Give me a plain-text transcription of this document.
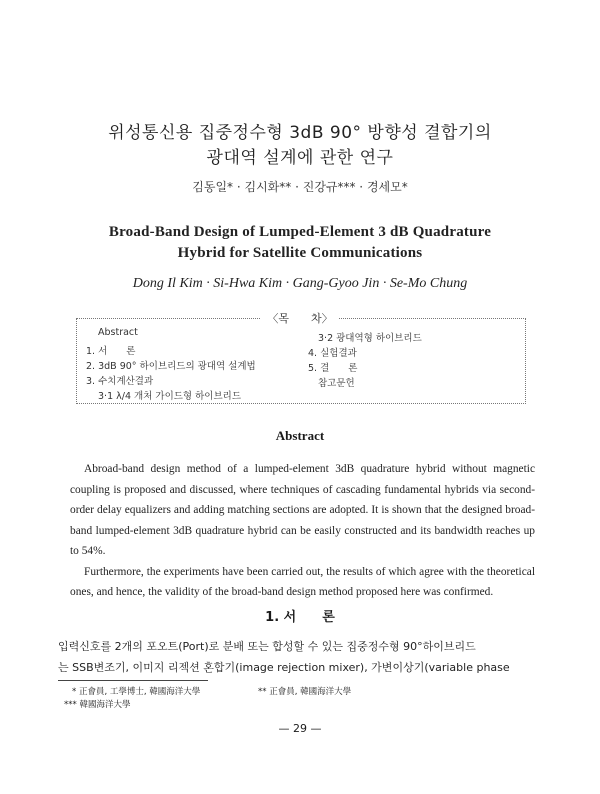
위성통신용 집중정수형 3dB 90° 방향성 결합기의
광대역 설계에 관한 연구
김동일* · 김시화** · 진강규*** · 경세모*
Broad-Band Design of Lumped-Element 3 dB Quadrature
Hybrid for Satellite Communications
Dong Il Kim · Si-Hwa Kim · Gang-Gyoo Jin · Se-Mo Chung
〈목　　차〉
Abstract
1. 서　　론
2. 3dB 90° 하이브리드의 광대역 설계법
3. 수치계산결과
3·1 λ/4 개처 가이드형 하이브리드
3·2 광대역형 하이브리드
4. 실험결과
5. 결　　론
참고문헌
Abstract

Abroad-band design method of a lumped-element 3dB quadrature hybrid without magnetic coupling is proposed and discussed, where techniques of cascading fundamental hybrids via second-order delay equalizers and adding matching sections are adopted. It is shown that the designed broad-band lumped-element 3dB quadrature hybrid can be easily constructed and its bandwidth reaches up to 54%.

Furthermore, the experiments have been carried out, the results of which agree with the theoretical ones, and hence, the validity of the broad-band design method proposed here was confirmed.

1. 서　　론
입력신호를 2개의 포오트(Port)로 분배 또는 합성할 수 있는 집중정수형 90°하이브리드
는 SSB변조기, 이미지 리젝션 혼합기(image rejection mixer), 가변이상기(variable phase
* 正會員, 工學博士, 韓國海洋大學	** 正會員, 韓國海洋大學
*** 韓國海洋大學
— 29 —
